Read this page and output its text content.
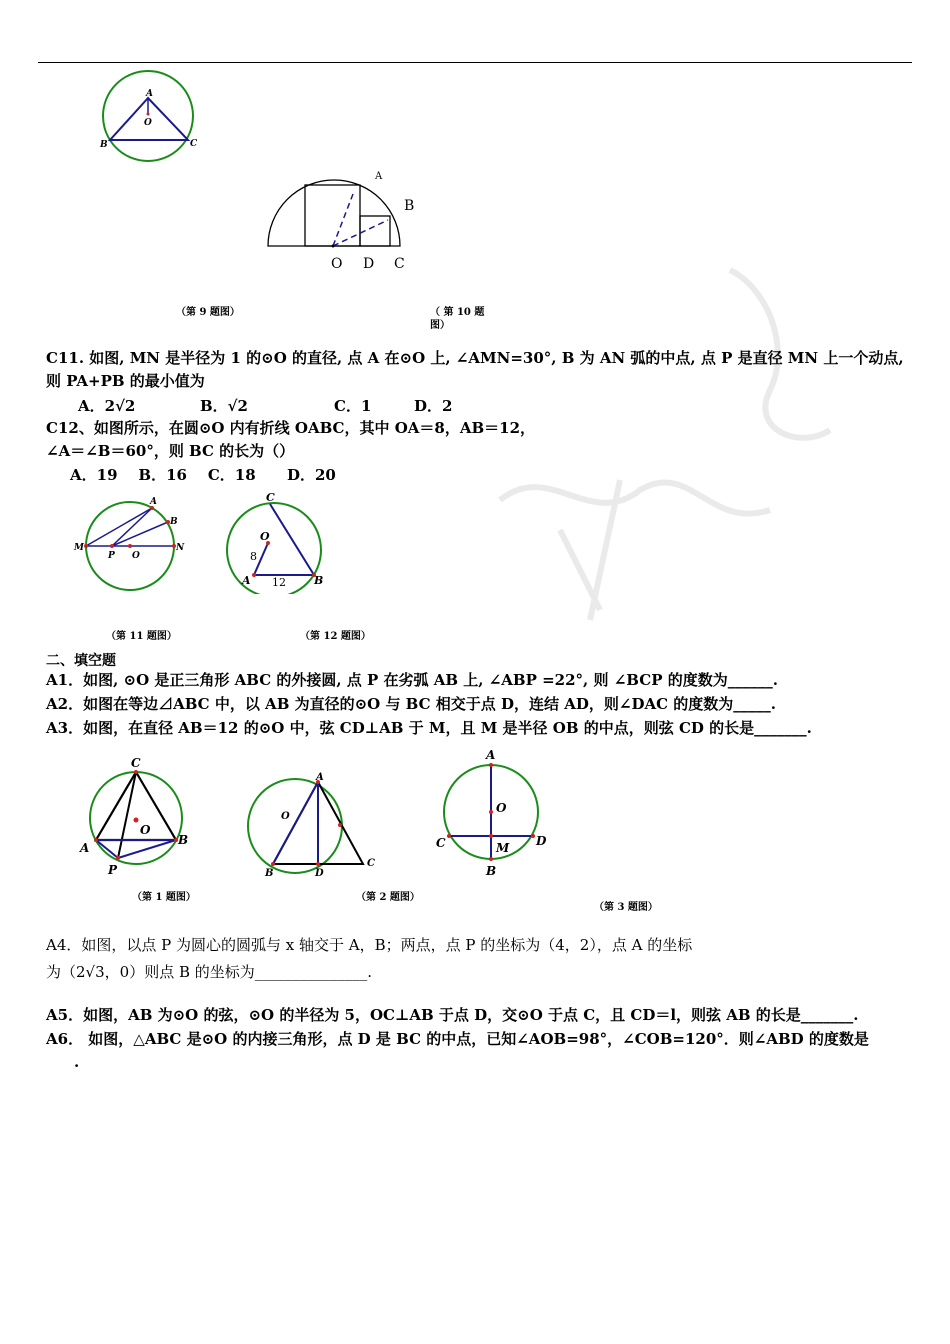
A
O
B	C
（第 9 题图）
A
B
O D C
（ 第 10 题
图）
C11. 如图, MN 是半径为 1 的⊙O 的直径, 点 A 在⊙O 上, ∠AMN=30°, B 为 AN 弧的中点, 点 P 是直径 MN 上一个动点,
则 PA+PB 的最小值为
A．2√2	B．√2	C．1	D．2
C12、如图所示，在圆⊙O 内有折线 OABC，其中 OA＝8，AB＝12，
∠A＝∠B＝60°，则 BC 的长为（）
A．19    B．16    C．18      D．20
A
B
M
P O
N
（第 11 题图）
C
O
8
A 12	B
（第 12 题图）
二、填空题
A1．如图, ⊙O 是正三角形 ABC 的外接圆, 点 P 在劣弧 AB 上, ∠ABP =22°, 则 ∠BCP 的度数为______.
A2．如图在等边⊿ABC 中，以 AB 为直径的⊙O 与 BC 相交于点 D，连结 AD，则∠DAC 的度数为_____.
A3．如图，在直径 AB＝12 的⊙O 中，弦 CD⊥AB 于 M，且 M 是半径 OB 的中点，则弦 CD 的长是_______.
C
O
A
B
P
（第 1 题图）
A
O
B	D
C
（第 2 题图）
A
O
C	D
M
B
（第 3 题图）
A4．如图，以点 P 为圆心的圆弧与 x 轴交于 A，B；两点，点 P 的坐标为（4，2），点 A 的坐标
为（2√3，0）则点 B 的坐标为_______________.
A5．如图，AB 为⊙O 的弦，⊙O 的半径为 5，OC⊥AB 于点 D，交⊙O 于点 C，且 CD＝l，则弦 AB 的长是_______.
A6． 如图，△ABC 是⊙O 的内接三角形，点 D 是 BC 的中点，已知∠AOB=98°，∠COB=120°．则∠ABD 的度数是
.
